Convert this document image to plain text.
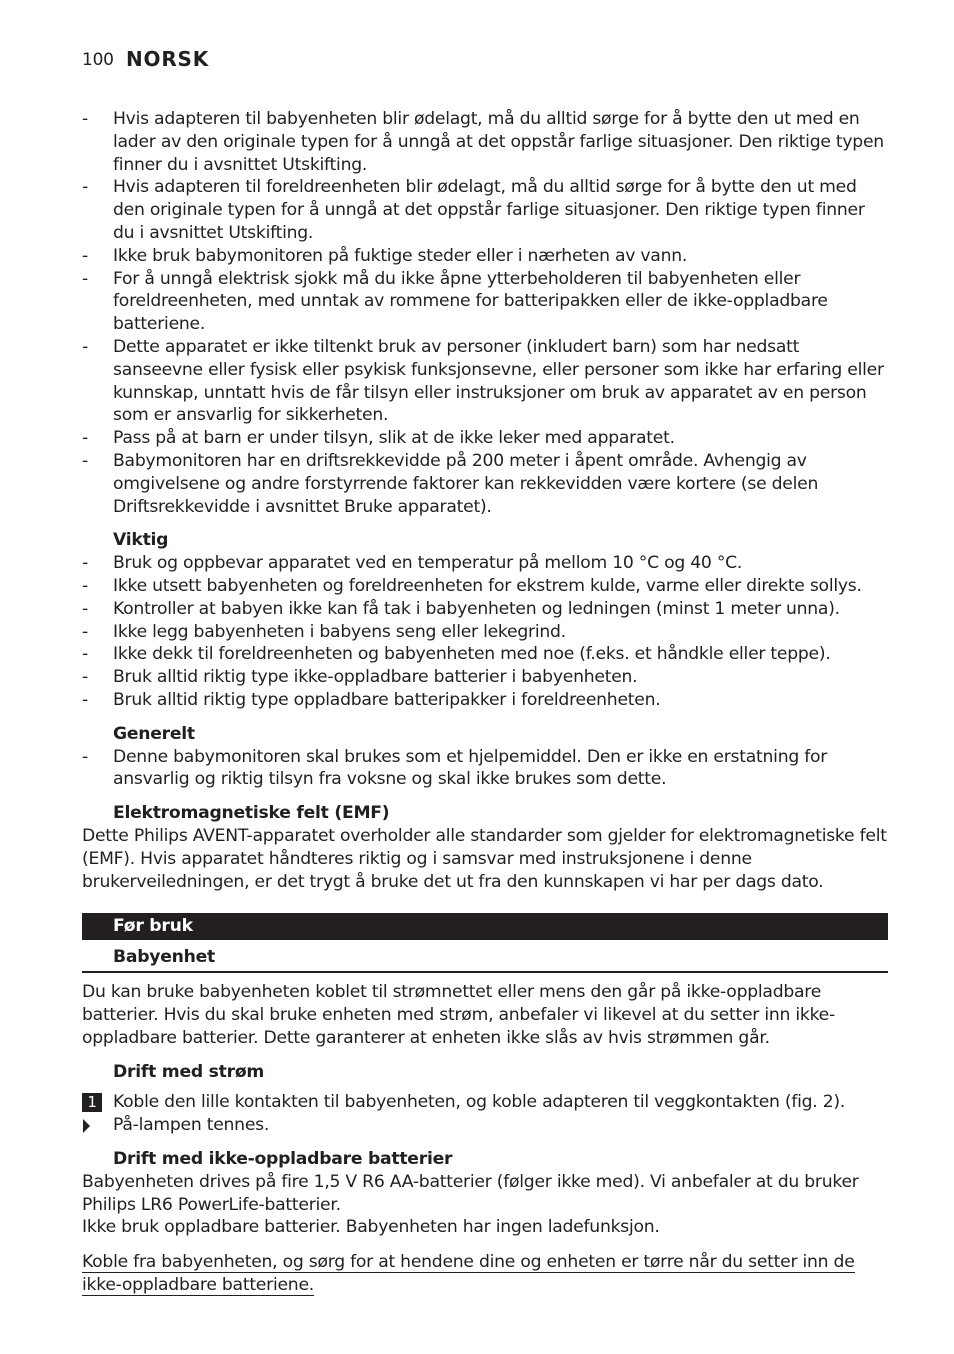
100 NORSK
- Hvis adapteren til babyenheten blir ødelagt, må du alltid sørge for å bytte den ut med en lader av den originale typen for å unngå at det oppstår farlige situasjoner. Den riktige typen finner du i avsnittet Utskifting.
- Hvis adapteren til foreldreenheten blir ødelagt, må du alltid sørge for å bytte den ut med den originale typen for å unngå at det oppstår farlige situasjoner. Den riktige typen finner du i avsnittet Utskifting.
- Ikke bruk babymonitoren på fuktige steder eller i nærheten av vann.
- For å unngå elektrisk sjokk må du ikke åpne ytterbeholderen til babyenheten eller foreldreenheten, med unntak av rommene for batteripakken eller de ikke-oppladbare batteriene.
- Dette apparatet er ikke tiltenkt bruk av personer (inkludert barn) som har nedsatt sanseevne eller fysisk eller psykisk funksjonsevne, eller personer som ikke har erfaring eller kunnskap, unntatt hvis de får tilsyn eller instruksjoner om bruk av apparatet av en person som er ansvarlig for sikkerheten.
- Pass på at barn er under tilsyn, slik at de ikke leker med apparatet.
- Babymonitoren har en driftsrekkevidde på 200 meter i åpent område. Avhengig av omgivelsene og andre forstyrrende faktorer kan rekkevidden være kortere (se delen Driftsrekkevidde i avsnittet Bruke apparatet).
Viktig
- Bruk og oppbevar apparatet ved en temperatur på mellom 10 °C og 40 °C.
- Ikke utsett babyenheten og foreldreenheten for ekstrem kulde, varme eller direkte sollys.
- Kontroller at babyen ikke kan få tak i babyenheten og ledningen (minst 1 meter unna).
- Ikke legg babyenheten i babyens seng eller lekegrind.
- Ikke dekk til foreldreenheten og babyenheten med noe (f.eks. et håndkle eller teppe).
- Bruk alltid riktig type ikke-oppladbare batterier i babyenheten.
- Bruk alltid riktig type oppladbare batteripakker i foreldreenheten.
Generelt
- Denne babymonitoren skal brukes som et hjelpemiddel. Den er ikke en erstatning for ansvarlig og riktig tilsyn fra voksne og skal ikke brukes som dette.
Elektromagnetiske felt (EMF)

Dette Philips AVENT-apparatet overholder alle standarder som gjelder for elektromagnetiske felt (EMF). Hvis apparatet håndteres riktig og i samsvar med instruksjonene i denne brukerveiledningen, er det trygt å bruke det ut fra den kunnskapen vi har per dags dato.

Før bruk
Babyenhet

Du kan bruke babyenheten koblet til strømnettet eller mens den går på ikke-oppladbare batterier. Hvis du skal bruke enheten med strøm, anbefaler vi likevel at du setter inn ikke-oppladbare batterier. Dette garanterer at enheten ikke slås av hvis strømmen går.

Drift med strøm
1 Koble den lille kontakten til babyenheten, og koble adapteren til veggkontakten (fig. 2).
På-lampen tennes.
Drift med ikke-oppladbare batterier

Babyenheten drives på fire 1,5 V R6 AA-batterier (følger ikke med). Vi anbefaler at du bruker Philips LR6 PowerLife-batterier.

Ikke bruk oppladbare batterier. Babyenheten har ingen ladefunksjon.

Koble fra babyenheten, og sørg for at hendene dine og enheten er tørre når du setter inn de ikke-oppladbare batteriene.
